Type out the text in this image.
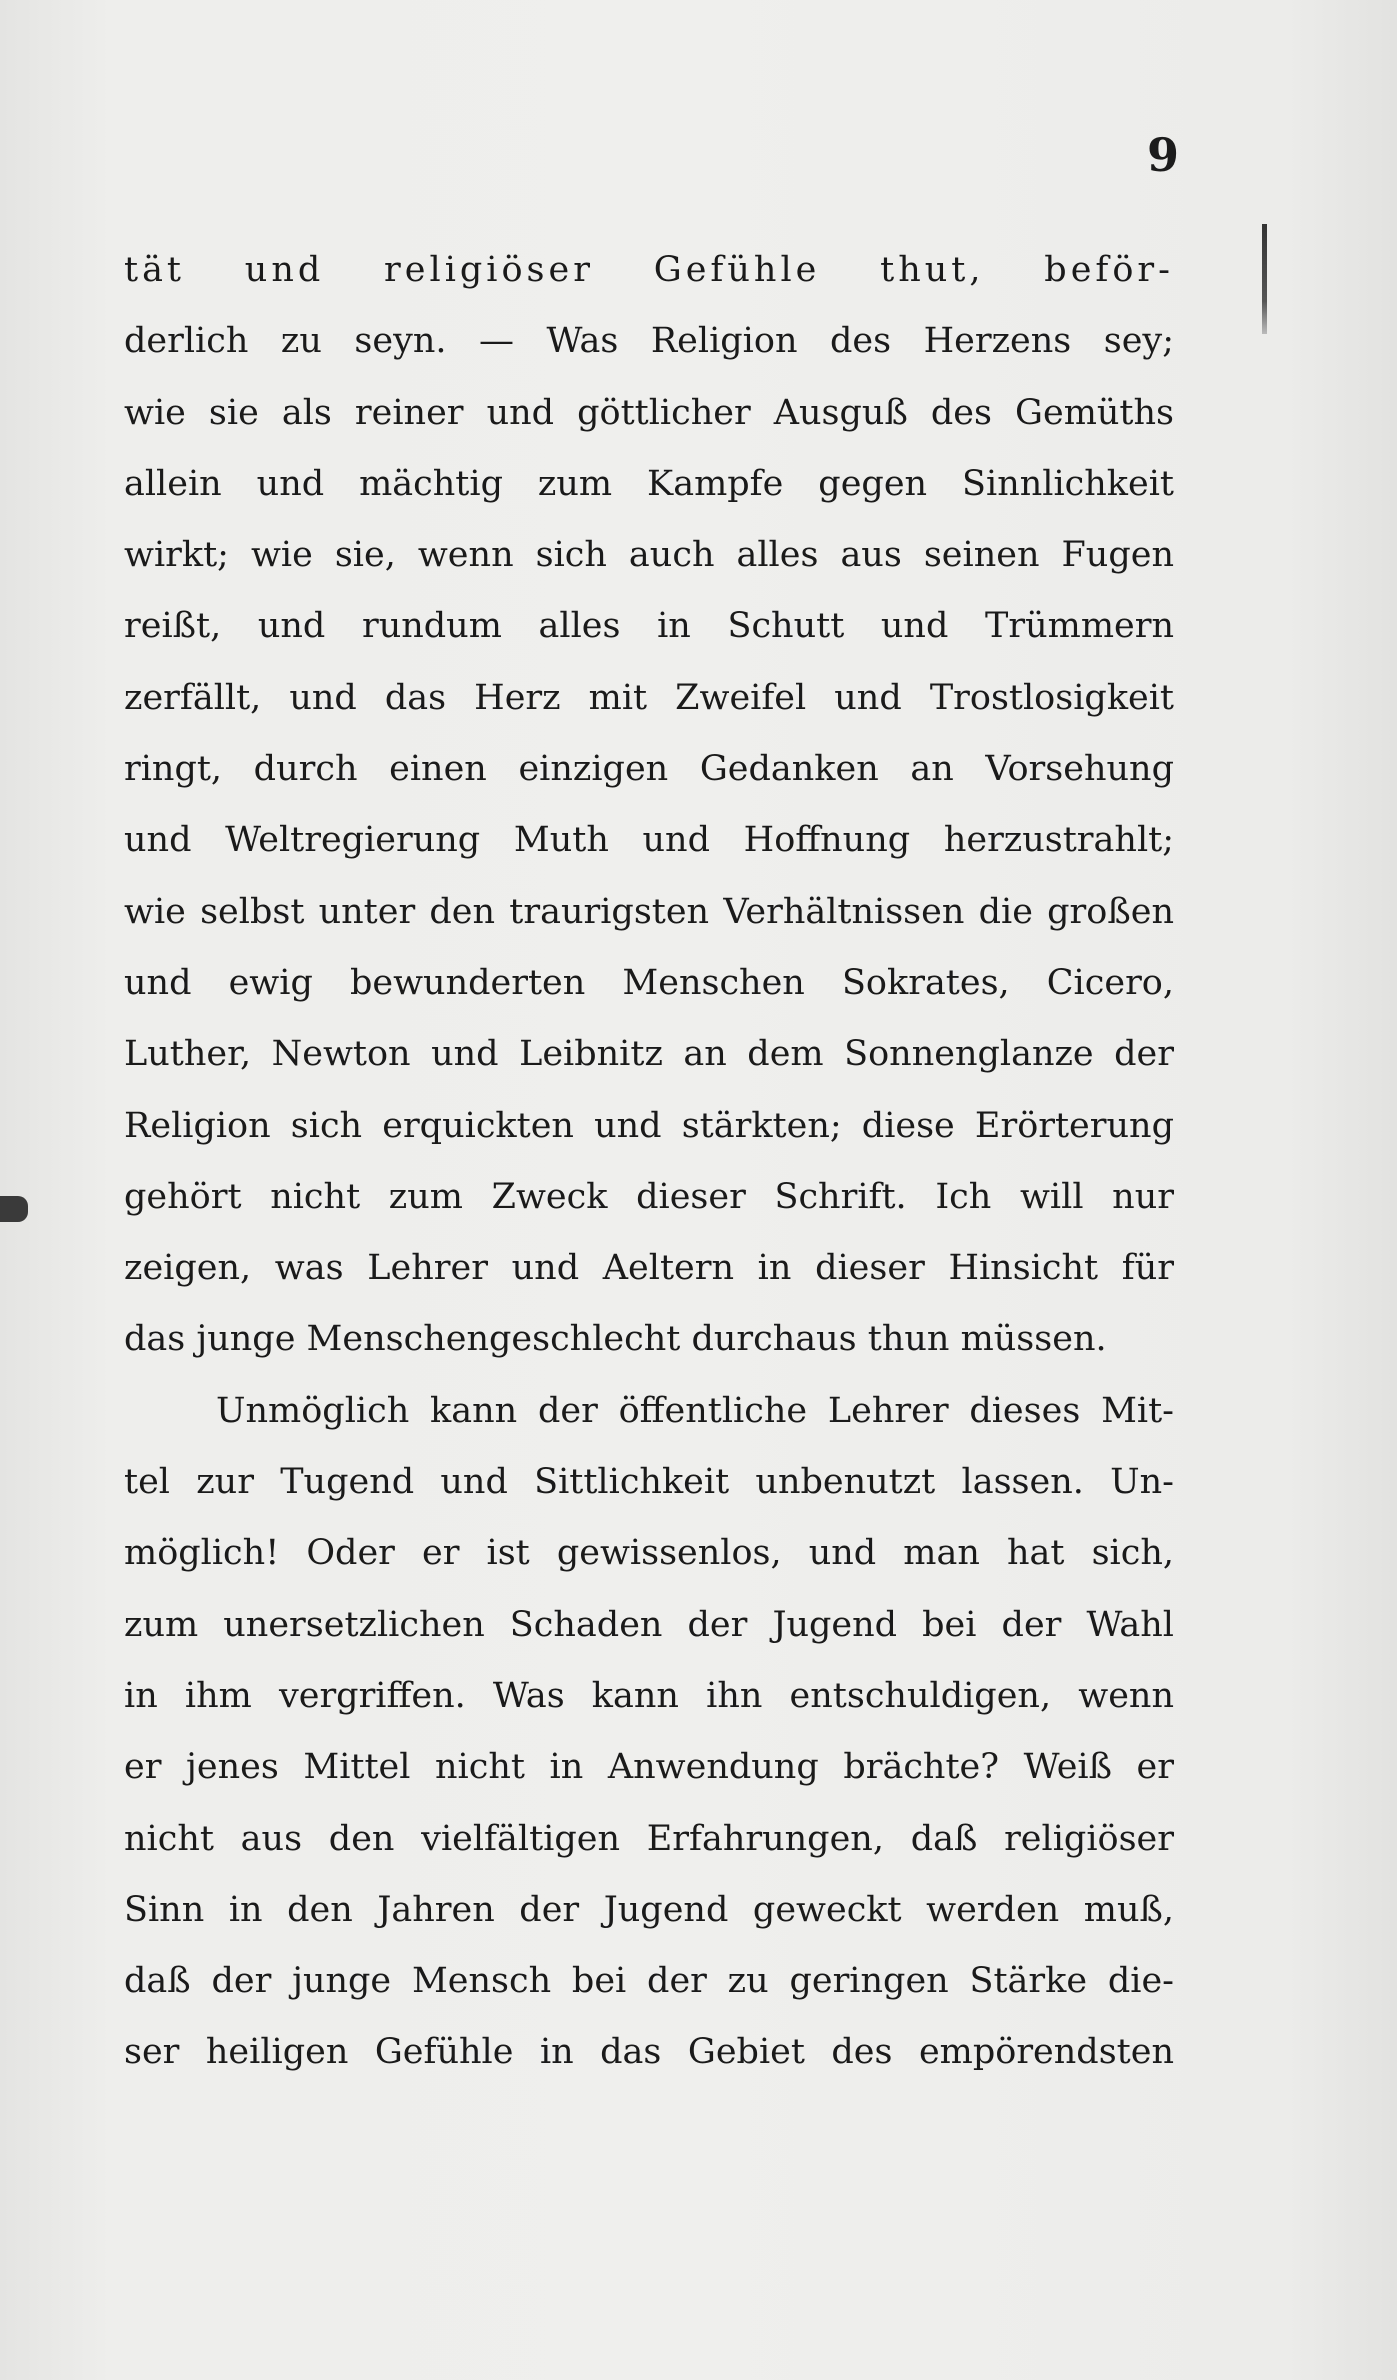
9
tät und religiöser Gefühle thut, beför-
derlich zu seyn. — Was Religion des Herzens sey;
wie sie als reiner und göttlicher Ausguß des Gemüths
allein und mächtig zum Kampfe gegen Sinnlichkeit
wirkt; wie sie, wenn sich auch alles aus seinen Fugen
reißt, und rundum alles in Schutt und Trümmern
zerfällt, und das Herz mit Zweifel und Trostlosigkeit
ringt, durch einen einzigen Gedanken an Vorsehung
und Weltregierung Muth und Hoffnung herzustrahlt;
wie selbst unter den traurigsten Verhältnissen die großen
und ewig bewunderten Menschen Sokrates, Cicero,
Luther, Newton und Leibnitz an dem Sonnenglanze der
Religion sich erquickten und stärkten; diese Erörterung
gehört nicht zum Zweck dieser Schrift. Ich will nur
zeigen, was Lehrer und Aeltern in dieser Hinsicht für
das junge Menschengeschlecht durchaus thun müssen.
Unmöglich kann der öffentliche Lehrer dieses Mit-
tel zur Tugend und Sittlichkeit unbenutzt lassen. Un-
möglich! Oder er ist gewissenlos, und man hat sich,
zum unersetzlichen Schaden der Jugend bei der Wahl
in ihm vergriffen. Was kann ihn entschuldigen, wenn
er jenes Mittel nicht in Anwendung brächte? Weiß er
nicht aus den vielfältigen Erfahrungen, daß religiöser
Sinn in den Jahren der Jugend geweckt werden muß,
daß der junge Mensch bei der zu geringen Stärke die-
ser heiligen Gefühle in das Gebiet des empörendsten
